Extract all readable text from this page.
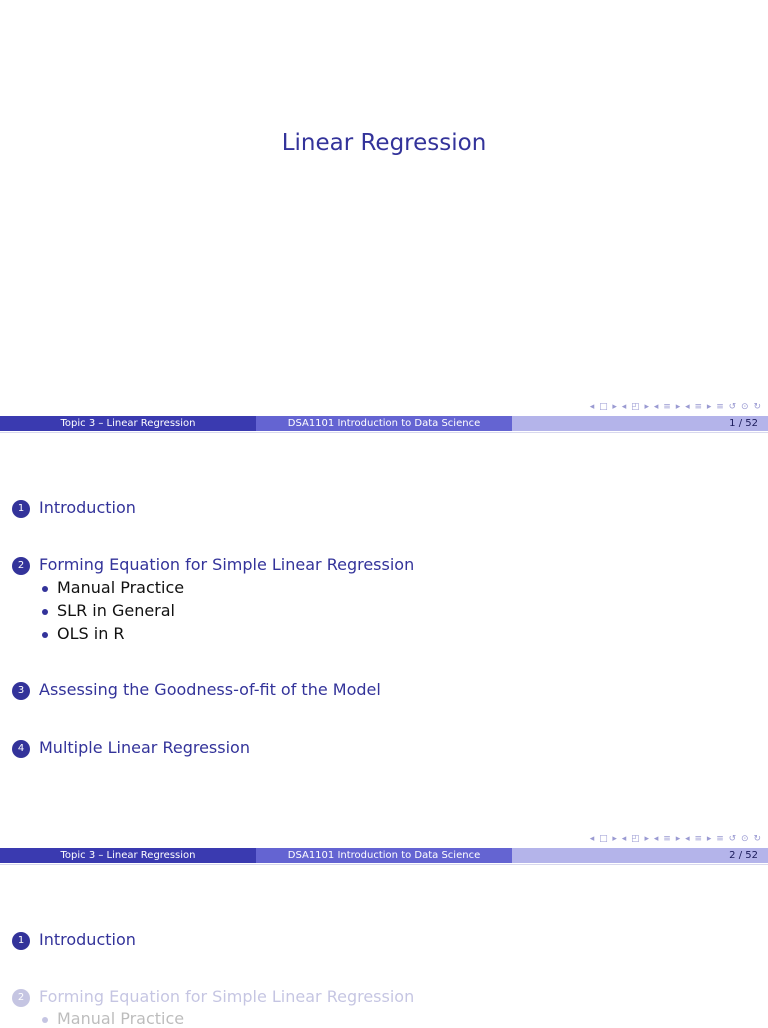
Linear Regression
◂ □ ▸ ◂ ◰ ▸ ◂ ≡ ▸ ◂ ≡ ▸ ≡ ↺ ⊙ ↻
Topic 3 – Linear Regression	DSA1101 Introduction to Data Science	1 / 52
1 Introduction
2 Forming Equation for Simple Linear Regression
Manual Practice
SLR in General
OLS in R
3 Assessing the Goodness-of-fit of the Model
4 Multiple Linear Regression
◂ □ ▸ ◂ ◰ ▸ ◂ ≡ ▸ ◂ ≡ ▸ ≡ ↺ ⊙ ↻
Topic 3 – Linear Regression	DSA1101 Introduction to Data Science	2 / 52
1 Introduction
2 Forming Equation for Simple Linear Regression
Manual Practice
